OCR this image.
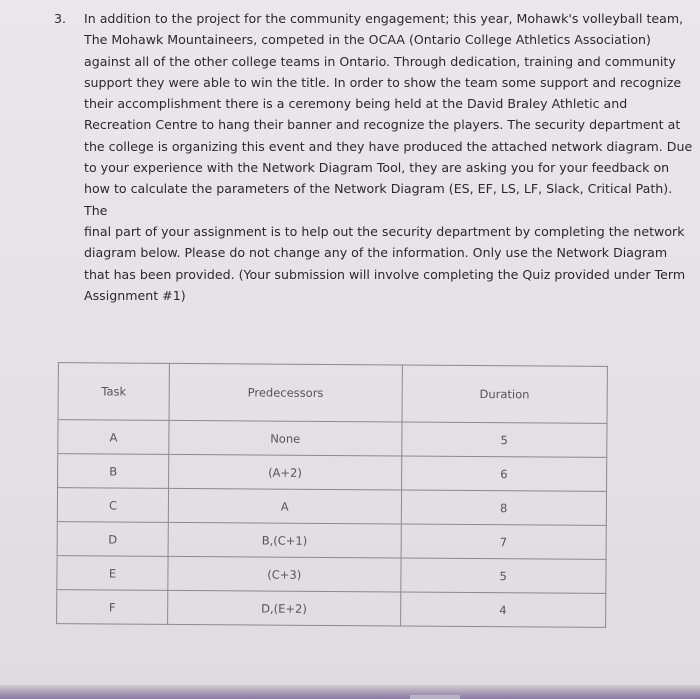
3. In addition to the project for the community engagement; this year, Mohawk's volleyball team,
The Mohawk Mountaineers, competed in the OCAA (Ontario College Athletics Association)
against all of the other college teams in Ontario. Through dedication, training and community
support they were able to win the title. In order to show the team some support and recognize
their accomplishment there is a ceremony being held at the David Braley Athletic and
Recreation Centre to hang their banner and recognize the players. The security department at
the college is organizing this event and they have produced the attached network diagram. Due
to your experience with the Network Diagram Tool, they are asking you for your feedback on
how to calculate the parameters of the Network Diagram (ES, EF, LS, LF, Slack, Critical Path). The
final part of your assignment is to help out the security department by completing the network
diagram below. Please do not change any of the information. Only use the Network Diagram
that has been provided. (Your submission will involve completing the Quiz provided under Term
Assignment #1)
Task	Predecessors	Duration
A	None	5
B	(A+2)	6
C	A	8
D	B,(C+1)	7
E	(C+3)	5
F	D,(E+2)	4
